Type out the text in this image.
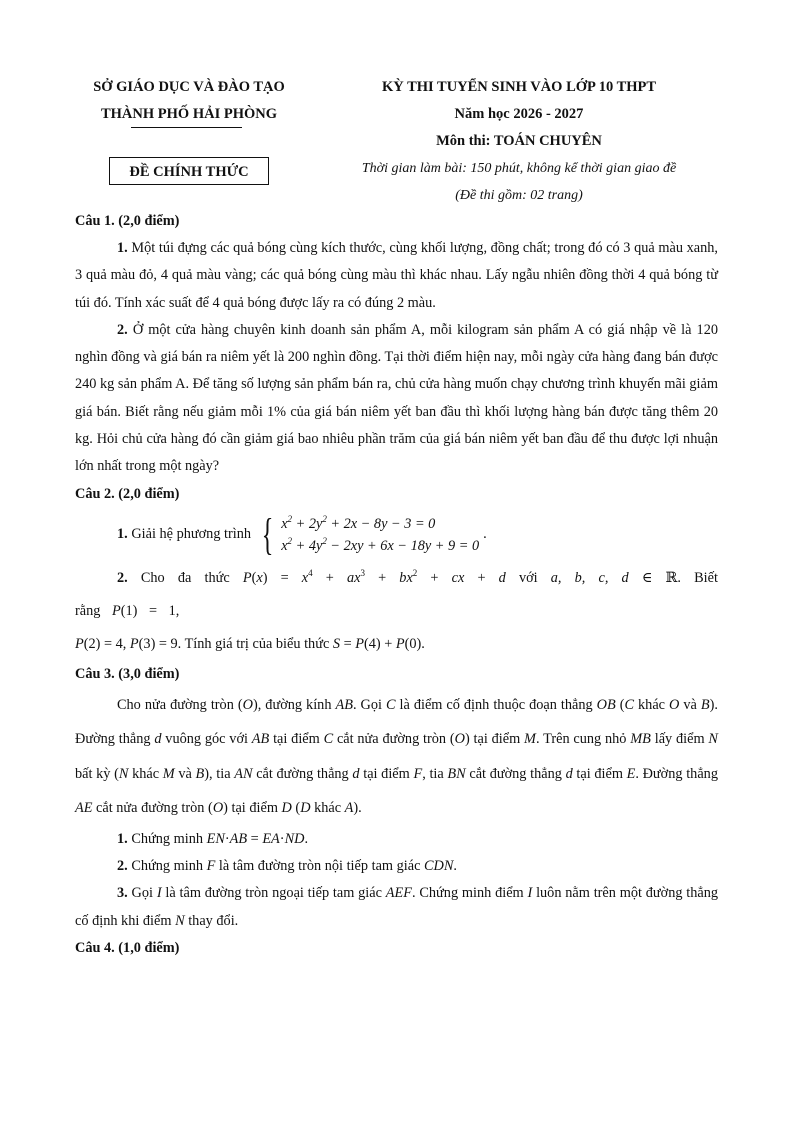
SỞ GIÁO DỤC VÀ ĐÀO TẠO
THÀNH PHỐ HẢI PHÒNG
ĐỀ CHÍNH THỨC
KỲ THI TUYỂN SINH VÀO LỚP 10 THPT
Năm học 2026 - 2027
Môn thi: TOÁN CHUYÊN
Thời gian làm bài: 150 phút, không kể thời gian giao đề
(Đề thi gồm: 02 trang)

Câu 1. (2,0 điểm)

1. Một túi đựng các quả bóng cùng kích thước, cùng khối lượng, đồng chất; trong đó có 3 quả màu xanh, 3 quả màu đỏ, 4 quả màu vàng; các quả bóng cùng màu thì khác nhau. Lấy ngẫu nhiên đồng thời 4 quả bóng từ túi đó. Tính xác suất để 4 quả bóng được lấy ra có đúng 2 màu.

2. Ở một cửa hàng chuyên kinh doanh sản phẩm A, mỗi kilogram sản phẩm A có giá nhập về là 120 nghìn đồng và giá bán ra niêm yết là 200 nghìn đồng. Tại thời điểm hiện nay, mỗi ngày cửa hàng đang bán được 240 kg sản phẩm A. Để tăng số lượng sản phẩm bán ra, chủ cửa hàng muốn chạy chương trình khuyến mãi giảm giá bán. Biết rằng nếu giảm mỗi 1% của giá bán niêm yết ban đầu thì khối lượng hàng bán được tăng thêm 20 kg. Hỏi chủ cửa hàng đó cần giảm giá bao nhiêu phần trăm của giá bán niêm yết ban đầu để thu được lợi nhuận lớn nhất trong một ngày?

Câu 2. (2,0 điểm)

1.
Giải hệ phương trình { $x^2 + 2y^2 + 2x - 8y - 3 = 0$
$x^2 + 4y^2 - 2xy + 6x - 18y + 9 = 0$
.

2. Cho đa thức $P(x) = x^4 + ax^3 + bx^2$ + cx + d với a, b, c, d ∈ ℝ. Biết rằng P(1) = 1,

P(2) = 4, P(3) = 9. Tính giá trị của biểu thức S = P(4) + P(0).

Câu 3. (3,0 điểm)

Cho nửa đường tròn (O), đường kính AB. Gọi C là điểm cố định thuộc đoạn thẳng OB (C khác O và B). Đường thẳng d vuông góc với AB tại điểm C cắt nửa đường tròn (O) tại điểm M. Trên cung nhỏ MB lấy điểm N bất kỳ (N khác M và B), tia AN cắt đường thẳng d tại điểm F, tia BN cắt đường thẳng d tại điểm E. Đường thẳng AE cắt nửa đường tròn (O) tại điểm D (D khác A).

1. Chứng minh EN·AB = EA·ND.

2. Chứng minh F là tâm đường tròn nội tiếp tam giác CDN.

3. Gọi I là tâm đường tròn ngoại tiếp tam giác AEF. Chứng minh điểm I luôn nằm trên một đường thẳng cố định khi điểm N thay đổi.

Câu 4. (1,0 điểm)
